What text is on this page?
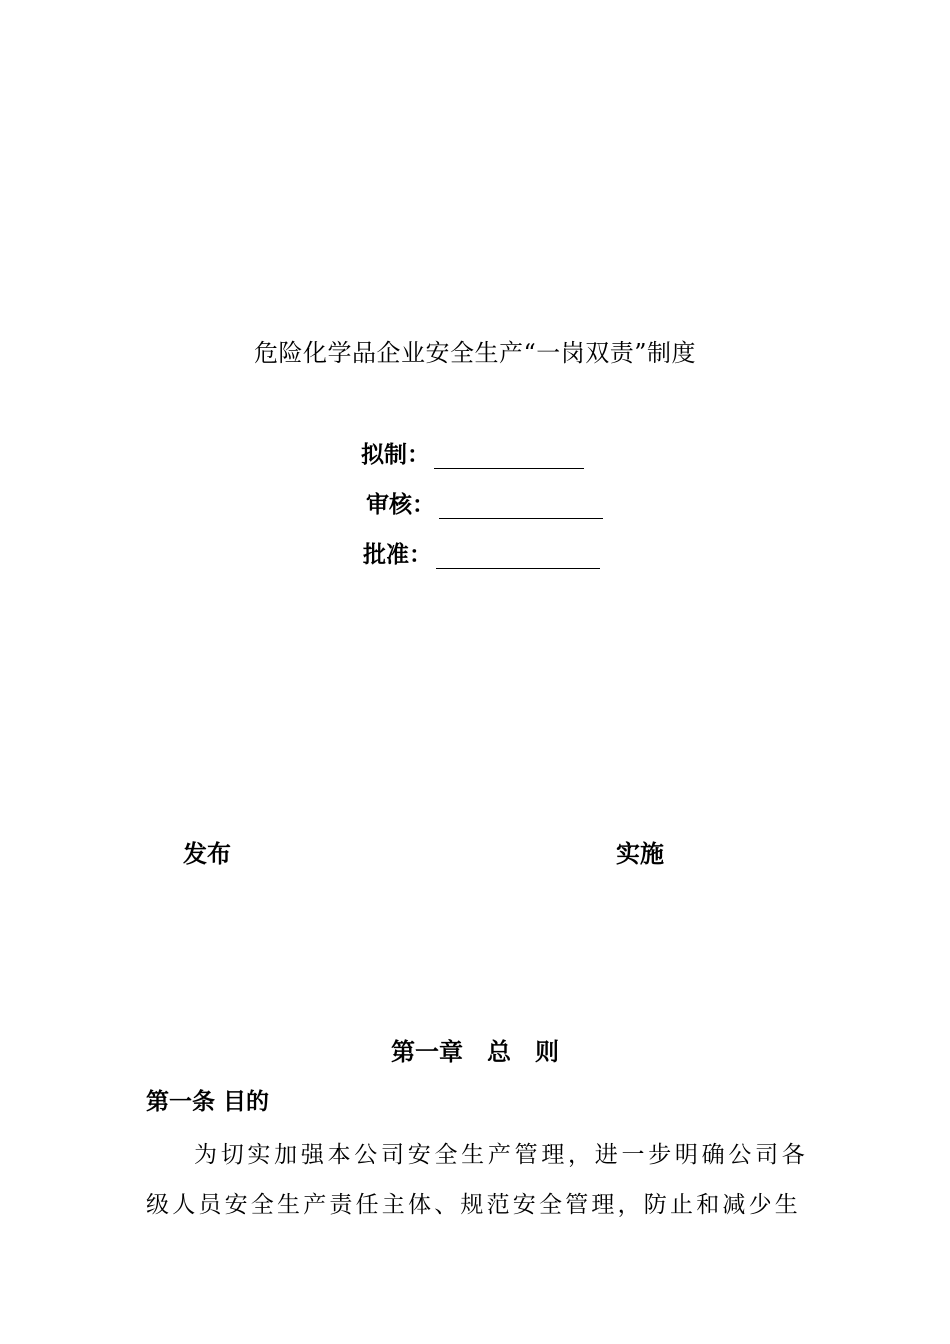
危险化学品企业安全生产“一岗双责”制度
拟制：
审核：
批准：
发布	实施
第一章　总　则
第一条 目的
为切实加强本公司安全生产管理，进一步明确公司各级人员安全生产责任主体、规范安全管理，防止和减少生
